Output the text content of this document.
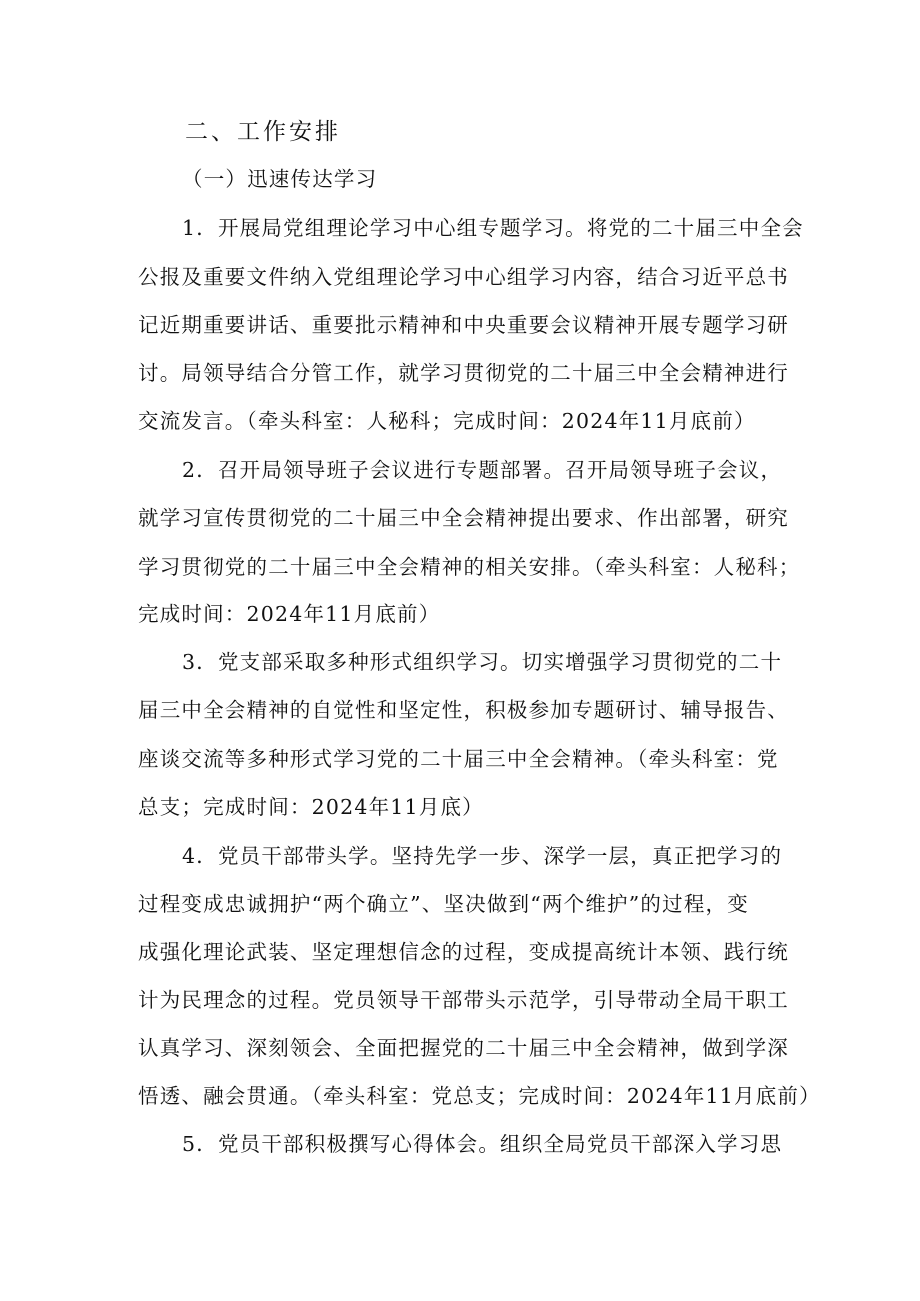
二、工作安排
（一）迅速传达学习
1．开展局党组理论学习中心组专题学习。将党的二十届三中全会
公报及重要文件纳入党组理论学习中心组学习内容，结合习近平总书
记近期重要讲话、重要批示精神和中央重要会议精神开展专题学习研
讨。局领导结合分管工作，就学习贯彻党的二十届三中全会精神进行
交流发言。（牵头科室：人秘科；完成时间：2024年11月底前）
2．召开局领导班子会议进行专题部署。召开局领导班子会议，
就学习宣传贯彻党的二十届三中全会精神提出要求、作出部署，研究
学习贯彻党的二十届三中全会精神的相关安排。（牵头科室：人秘科；
完成时间：2024年11月底前）
3．党支部采取多种形式组织学习。切实增强学习贯彻党的二十
届三中全会精神的自觉性和坚定性，积极参加专题研讨、辅导报告、
座谈交流等多种形式学习党的二十届三中全会精神。（牵头科室：党
总支；完成时间：2024年11月底）
4．党员干部带头学。坚持先学一步、深学一层，真正把学习的
过程变成忠诚拥护“两个确立”、坚决做到“两个维护”的过程，变
成强化理论武装、坚定理想信念的过程，变成提高统计本领、践行统
计为民理念的过程。党员领导干部带头示范学，引导带动全局干职工
认真学习、深刻领会、全面把握党的二十届三中全会精神，做到学深
悟透、融会贯通。（牵头科室：党总支；完成时间：2024年11月底前）
5．党员干部积极撰写心得体会。组织全局党员干部深入学习思
